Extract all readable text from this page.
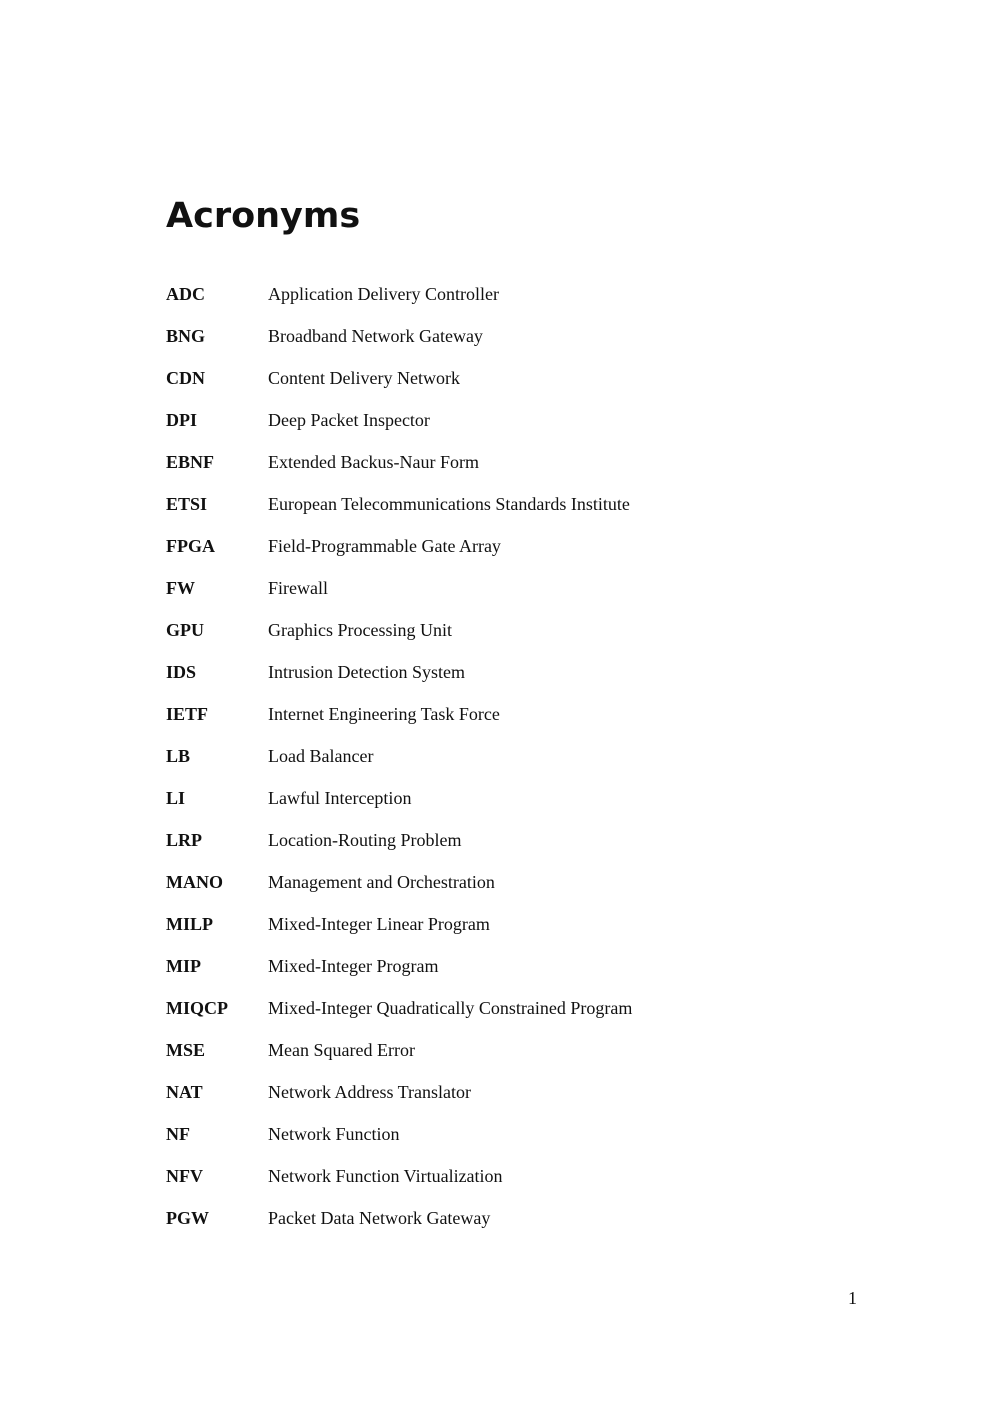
Acronyms
ADC	Application Delivery Controller
BNG	Broadband Network Gateway
CDN	Content Delivery Network
DPI	Deep Packet Inspector
EBNF	Extended Backus-Naur Form
ETSI	European Telecommunications Standards Institute
FPGA	Field-Programmable Gate Array
FW	Firewall
GPU	Graphics Processing Unit
IDS	Intrusion Detection System
IETF	Internet Engineering Task Force
LB	Load Balancer
LI	Lawful Interception
LRP	Location-Routing Problem
MANO	Management and Orchestration
MILP	Mixed-Integer Linear Program
MIP	Mixed-Integer Program
MIQCP	Mixed-Integer Quadratically Constrained Program
MSE	Mean Squared Error
NAT	Network Address Translator
NF	Network Function
NFV	Network Function Virtualization
PGW	Packet Data Network Gateway
1
